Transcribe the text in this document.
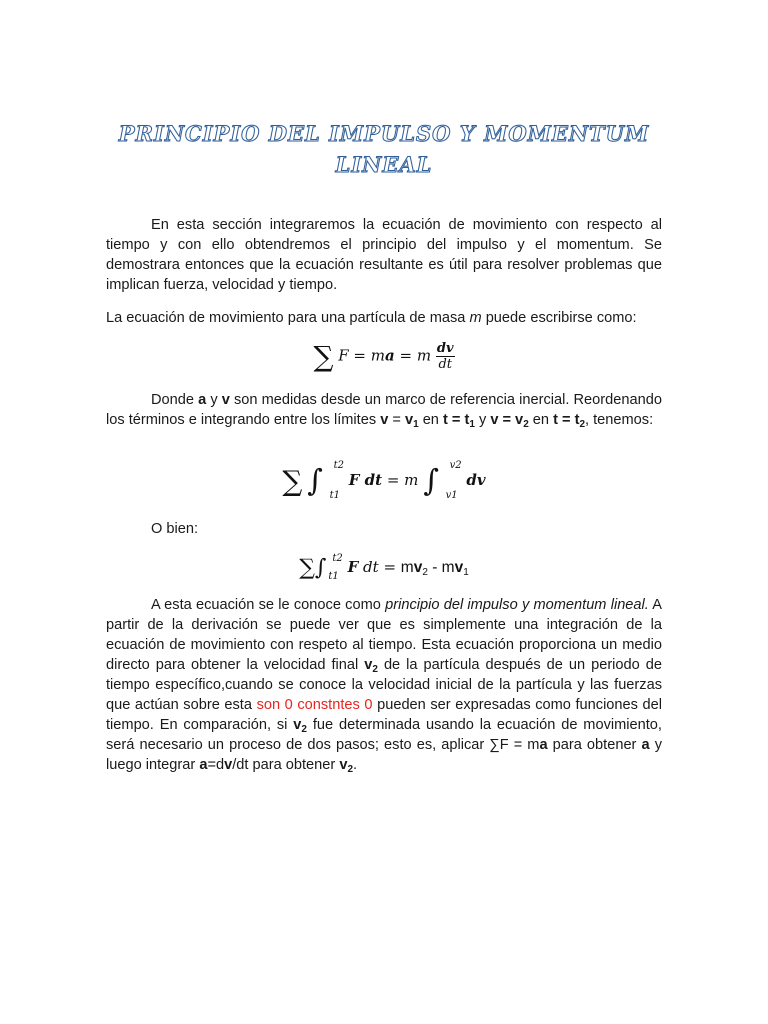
PRINCIPIO DEL IMPULSO Y MOMENTUM
LINEAL

En esta sección integraremos la ecuación de movimiento con respecto al tiempo y con ello obtendremos el principio del impulso y el momentum. Se demostrara entonces que la ecuación resultante es útil para resolver problemas que implican fuerza, velocidad y tiempo.

La ecuación de movimiento para una partícula de masa m puede escribirse como:

∑ F = ma = m $\frac{dv}{dt}$

Donde a y v son medidas desde un marco de referencia inercial. Reordenando los términos e integrando entre los límites $v = v_1$ en $t = t_1$ y $v = v_2$ en $t = t_2$, tenemos:

∑ ∫ t2
t1
F dt = m ∫ v2
v1
dv

O bien:

∑∫ t2
t1
F dt = $mv_2 - mv_1$

A esta ecuación se le conoce como principio del impulso y momentum lineal. A partir de la derivación se puede ver que es simplemente una integración de la ecuación de movimiento con respeto al tiempo. Esta ecuación proporciona un medio directo para obtener la velocidad final $v_2$ de la partícula después de un periodo de tiempo específico,cuando se conoce la velocidad inicial de la partícula y las fuerzas que actúan sobre esta son 0 constntes 0 pueden ser expresadas como funciones del tiempo. En comparación, si $v_2$ fue determinada usando la ecuación de movimiento, será necesario un proceso de dos pasos; esto es, aplicar ∑F = ma para obtener a y luego integrar a=dv/dt para obtener $v_2$.
